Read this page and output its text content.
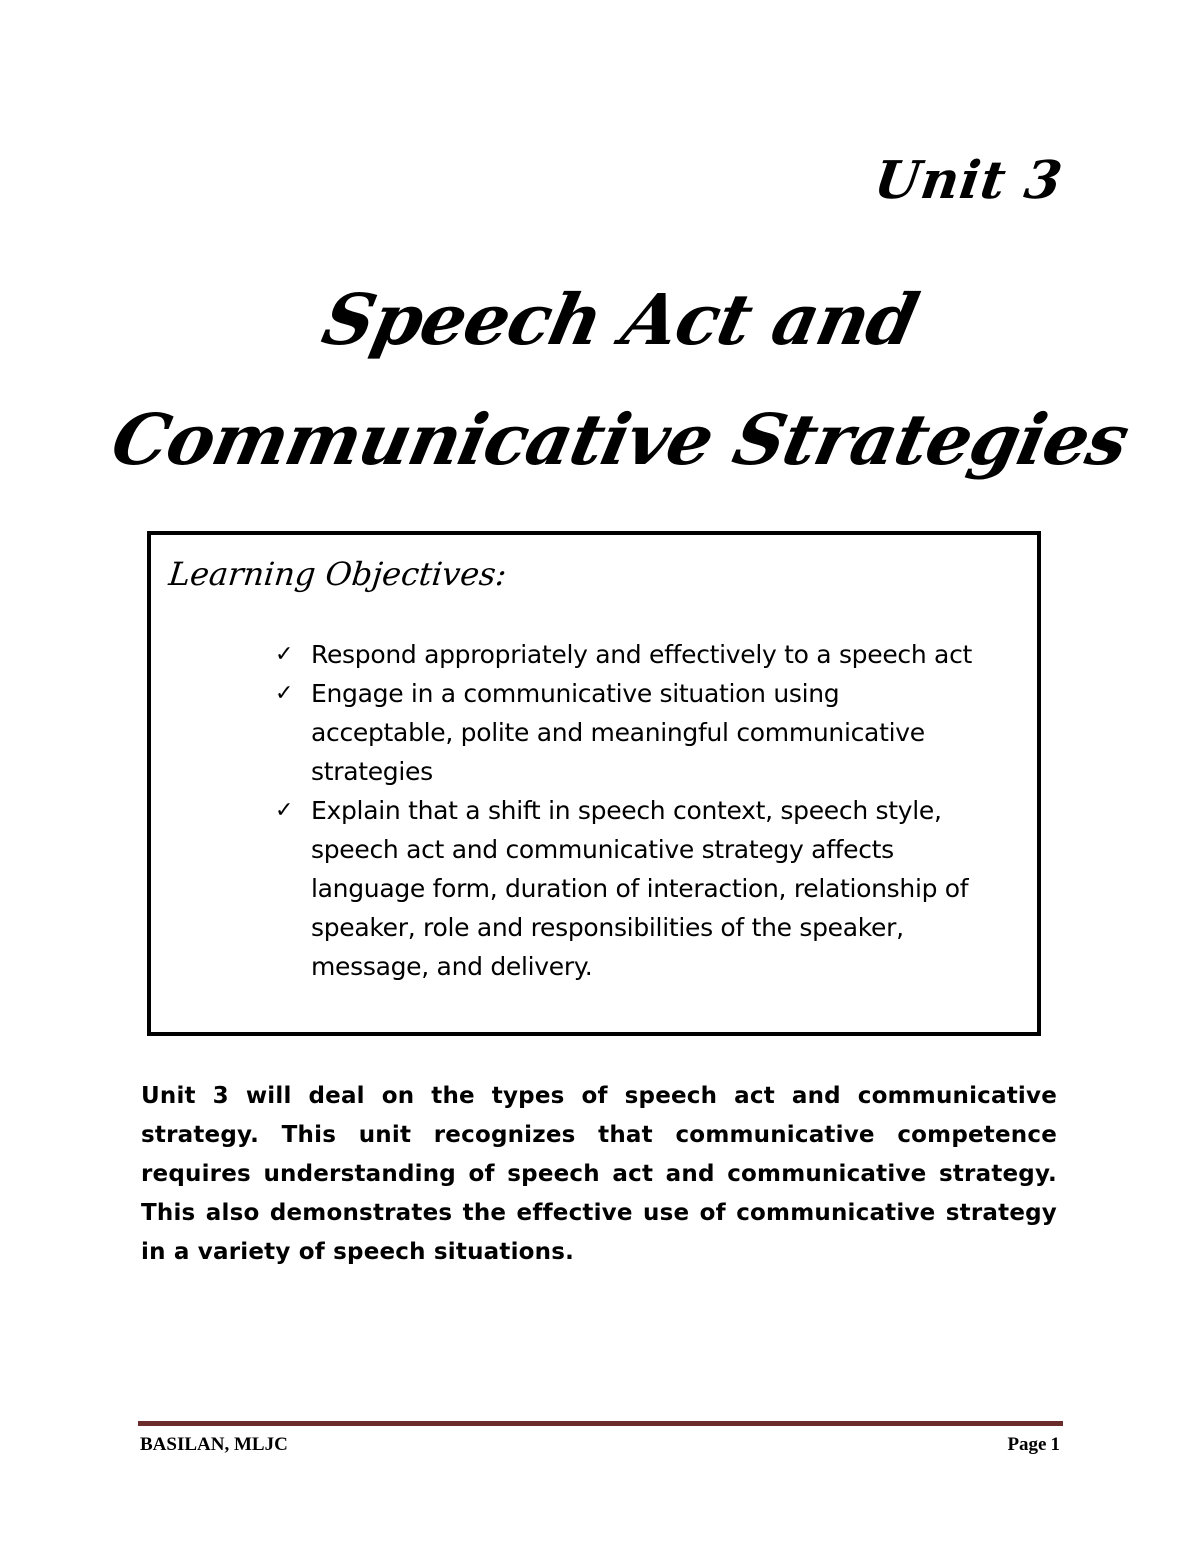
Unit 3
Speech Act and
Communicative Strategies
Learning Objectives:
✓ Respond appropriately and effectively to a speech act
✓ Engage in a communicative situation using acceptable, polite and meaningful communicative strategies
✓ Explain that a shift in speech context, speech style, speech act and communicative strategy affects language form, duration of interaction, relationship of speaker, role and responsibilities of the speaker, message, and delivery.

Unit 3 will deal on the types of speech act and communicative strategy. This unit recognizes that communicative competence requires understanding of speech act and communicative strategy. This also demonstrates the effective use of communicative strategy in a variety of speech situations.

BASILAN, MLJC	Page 1
